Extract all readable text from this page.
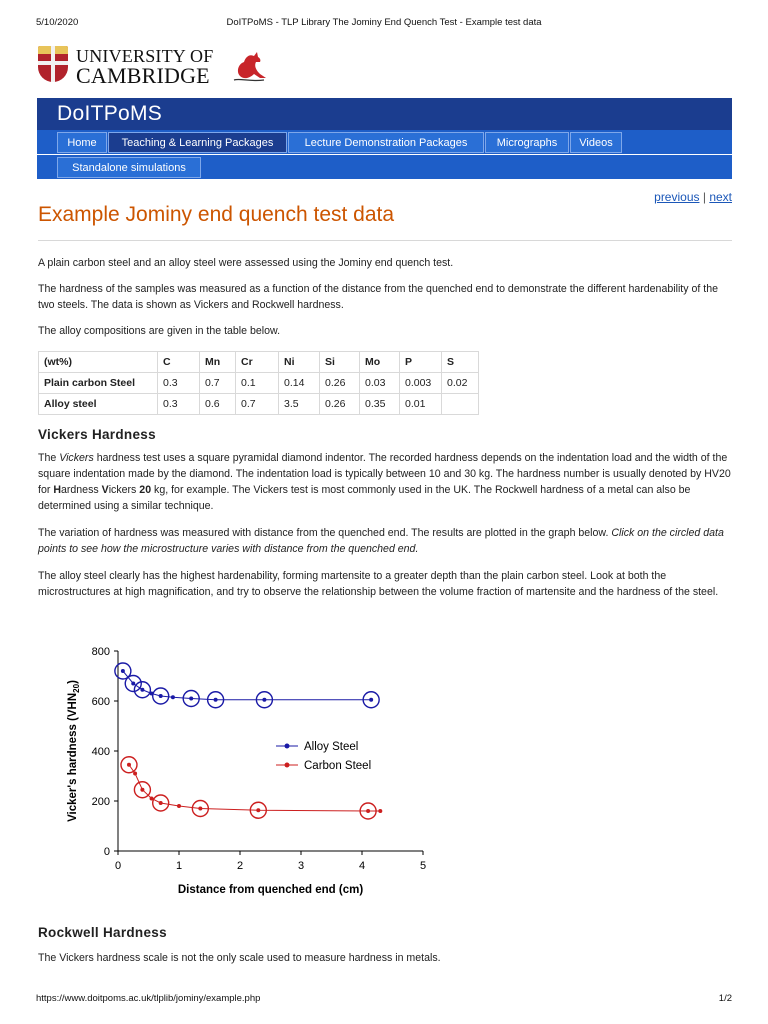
5/10/2020	DoITPoMS - TLP Library The Jominy End Quench Test - Example test data
UNIVERSITY OF
CAMBRIDGE
DoITPoMS
Home	Teaching & Learning Packages	Lecture Demonstration Packages	Micrographs	Videos
Standalone simulations
previous | next
Example Jominy end quench test data

A plain carbon steel and an alloy steel were assessed using the Jominy end quench test.

The hardness of the samples was measured as a function of the distance from the quenched end to demonstrate the different hardenability of the two steels. The data is shown as Vickers and Rockwell hardness.

The alloy compositions are given in the table below.

(wt%)	C	Mn	Cr	Ni	Si	Mo	P	S
Plain carbon Steel	0.3	0.7	0.1	0.14	0.26	0.03	0.003	0.02
Alloy steel	0.3	0.6	0.7	3.5	0.26	0.35	0.01	
Vickers Hardness

The Vickers hardness test uses a square pyramidal diamond indentor. The recorded hardness depends on the indentation load and the width of the square indentation made by the diamond. The indentation load is typically between 10 and 30 kg. The hardness number is usually denoted by HV20 for Hardness Vickers 20 kg, for example. The Vickers test is most commonly used in the UK. The Rockwell hardness of a metal can also be determined using a similar technique.

The variation of hardness was measured with distance from the quenched end. The results are plotted in the graph below. Click on the circled data points to see how the microstructure varies with distance from the quenched end.

The alloy steel clearly has the highest hardenability, forming martensite to a greater depth than the plain carbon steel. Look at both the microstructures at high magnification, and try to observe the relationship between the volume fraction of martensite and the hardness of the steel.

0
200
400
600
800
0	1	2	3	4	5
Distance from quenched end (cm)
Vicker's hardness $(VHN_{20})$
Alloy Steel
Carbon Steel
Rockwell Hardness

The Vickers hardness scale is not the only scale used to measure hardness in metals.

https://www.doitpoms.ac.uk/tlplib/jominy/example.php	1/2
